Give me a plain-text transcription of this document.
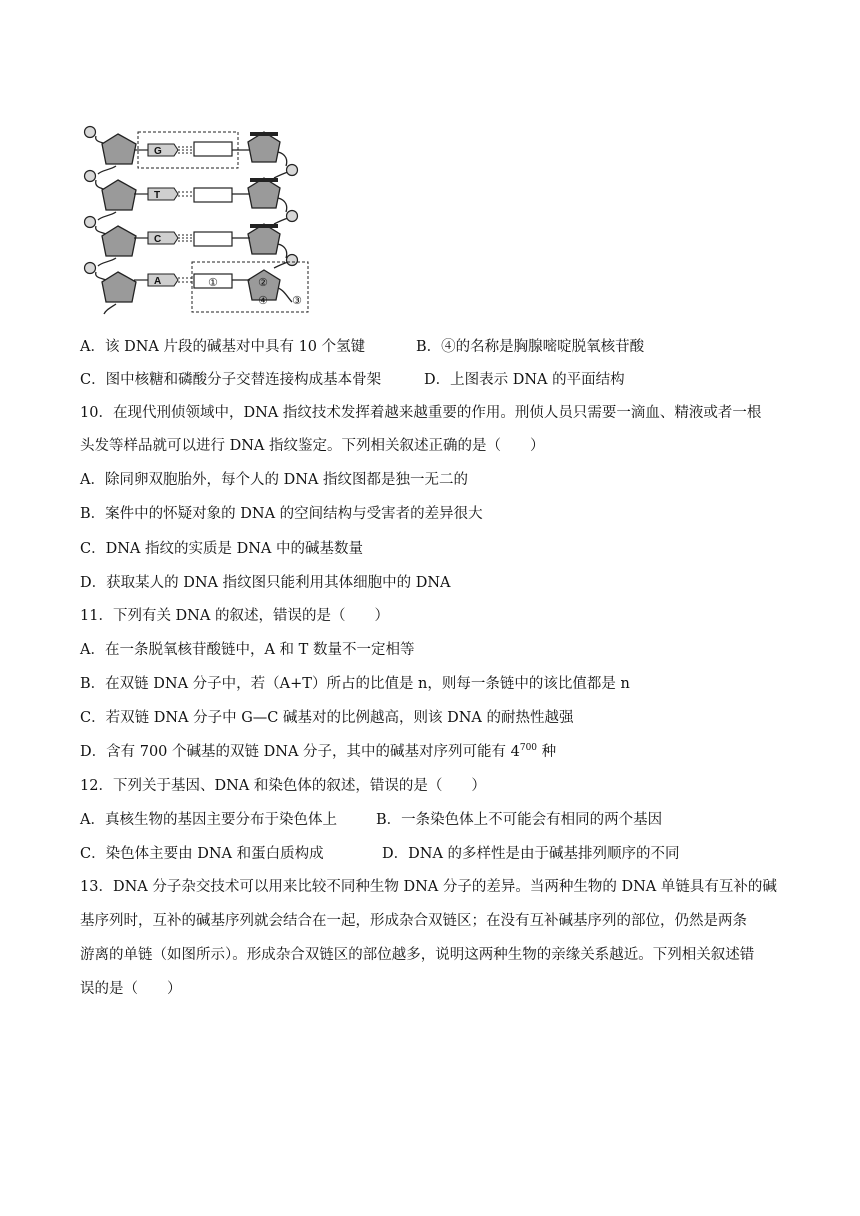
G
T
C
A	①	②
④ ③
A．该 DNA 片段的碱基对中具有 10 个氢键	B．④的名称是胸腺嘧啶脱氧核苷酸
C．图中核糖和磷酸分子交替连接构成基本骨架	D．上图表示 DNA 的平面结构
10．在现代刑侦领域中，DNA 指纹技术发挥着越来越重要的作用。刑侦人员只需要一滴血、精液或者一根
头发等样品就可以进行 DNA 指纹鉴定。下列相关叙述正确的是（　　）
A．除同卵双胞胎外，每个人的 DNA 指纹图都是独一无二的
B．案件中的怀疑对象的 DNA 的空间结构与受害者的差异很大
C．DNA 指纹的实质是 DNA 中的碱基数量
D．获取某人的 DNA 指纹图只能利用其体细胞中的 DNA
11．下列有关 DNA 的叙述，错误的是（　　）
A．在一条脱氧核苷酸链中，A 和 T 数量不一定相等
B．在双链 DNA 分子中，若（A+T）所占的比值是 n，则每一条链中的该比值都是 n
C．若双链 DNA 分子中 G—C 碱基对的比例越高，则该 DNA 的耐热性越强
D．含有 700 个碱基的双链 DNA 分子，其中的碱基对序列可能有 $4^{700}$ 种
12．下列关于基因、DNA 和染色体的叙述，错误的是（　　）
A．真核生物的基因主要分布于染色体上	B．一条染色体上不可能会有相同的两个基因
C．染色体主要由 DNA 和蛋白质构成	D．DNA 的多样性是由于碱基排列顺序的不同
13．DNA 分子杂交技术可以用来比较不同种生物 DNA 分子的差异。当两种生物的 DNA 单链具有互补的碱
基序列时，互补的碱基序列就会结合在一起，形成杂合双链区；在没有互补碱基序列的部位，仍然是两条
游离的单链（如图所示）。形成杂合双链区的部位越多，说明这两种生物的亲缘关系越近。下列相关叙述错
误的是（　　）
